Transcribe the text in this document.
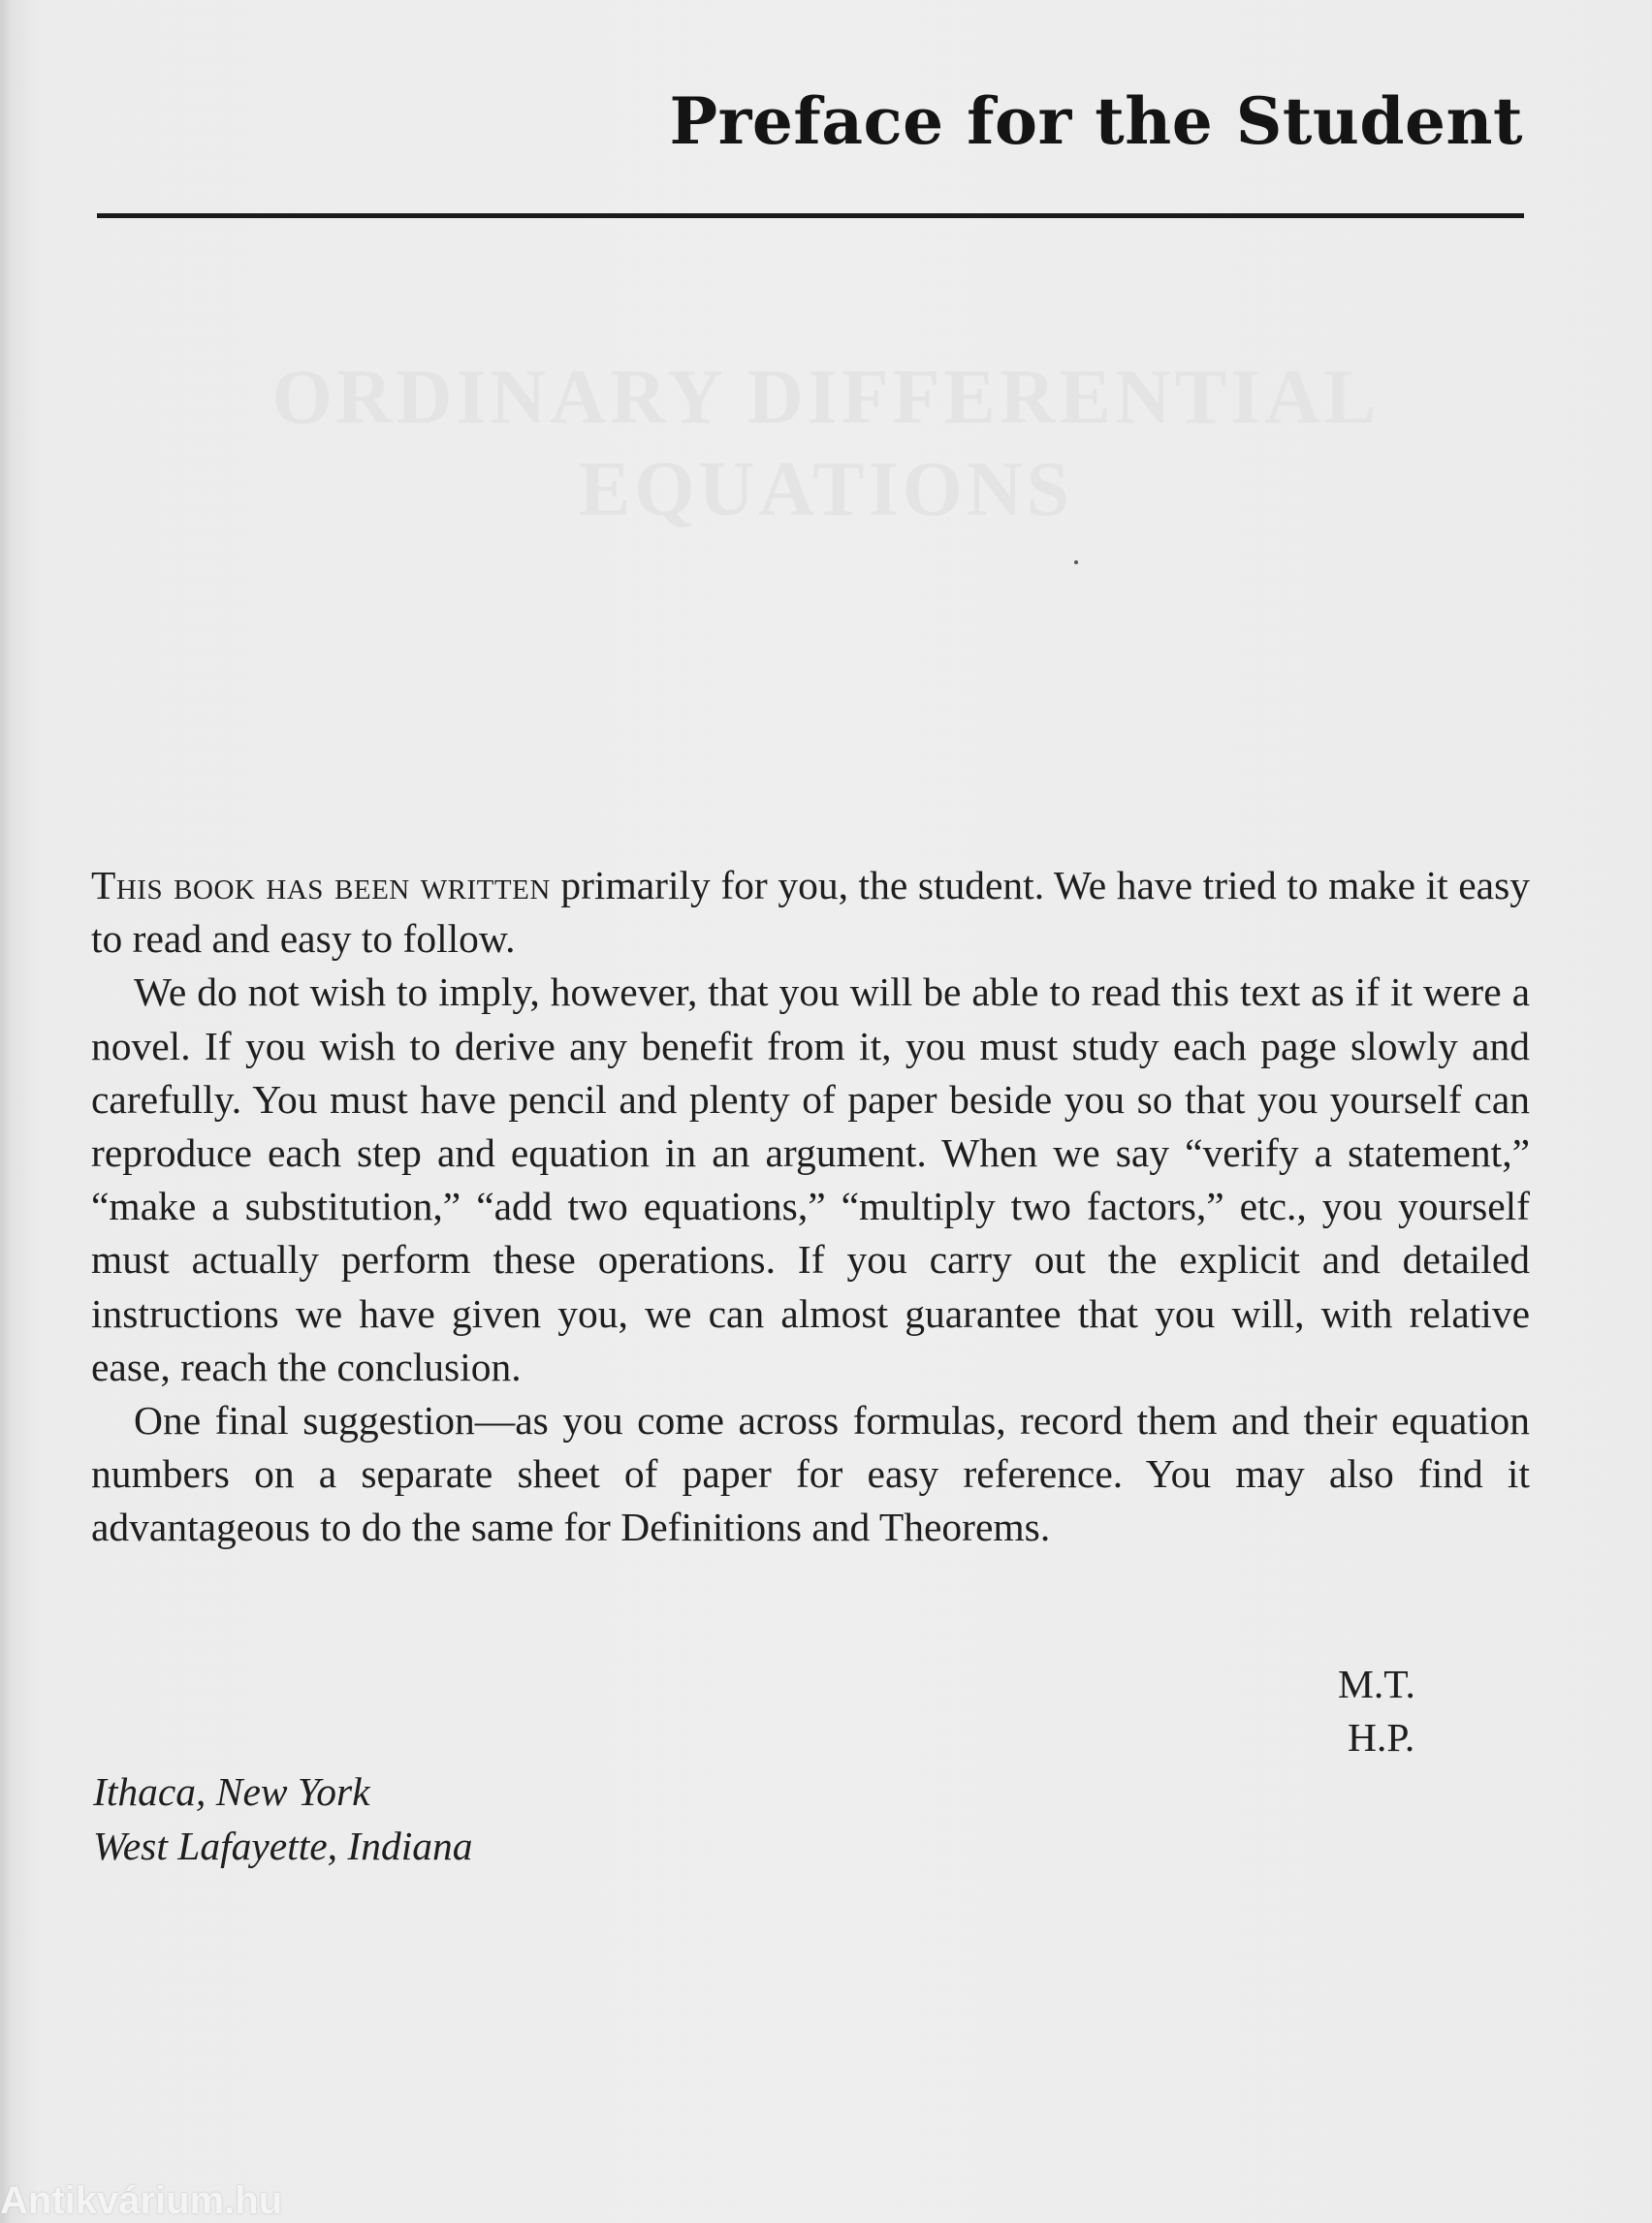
Preface for the Student
ORDINARY DIFFERENTIAL
EQUATIONS

This book has been written primarily for you, the student. We have tried to make it easy to read and easy to follow.

We do not wish to imply, however, that you will be able to read this text as if it were a novel. If you wish to derive any benefit from it, you must study each page slowly and carefully. You must have pencil and plenty of paper beside you so that you yourself can reproduce each step and equation in an argument. When we say “verify a statement,” “make a substitution,” “add two equations,” “multiply two factors,” etc., you yourself must actually perform these operations. If you carry out the explicit and detailed instructions we have given you, we can almost guarantee that you will, with relative ease, reach the conclusion.

One final suggestion—as you come across formulas, record them and their equation numbers on a separate sheet of paper for easy reference. You may also find it advantageous to do the same for Definitions and Theorems.

M.T.
H.P.
Ithaca, New York
West Lafayette, Indiana
Antikvárium.hu
